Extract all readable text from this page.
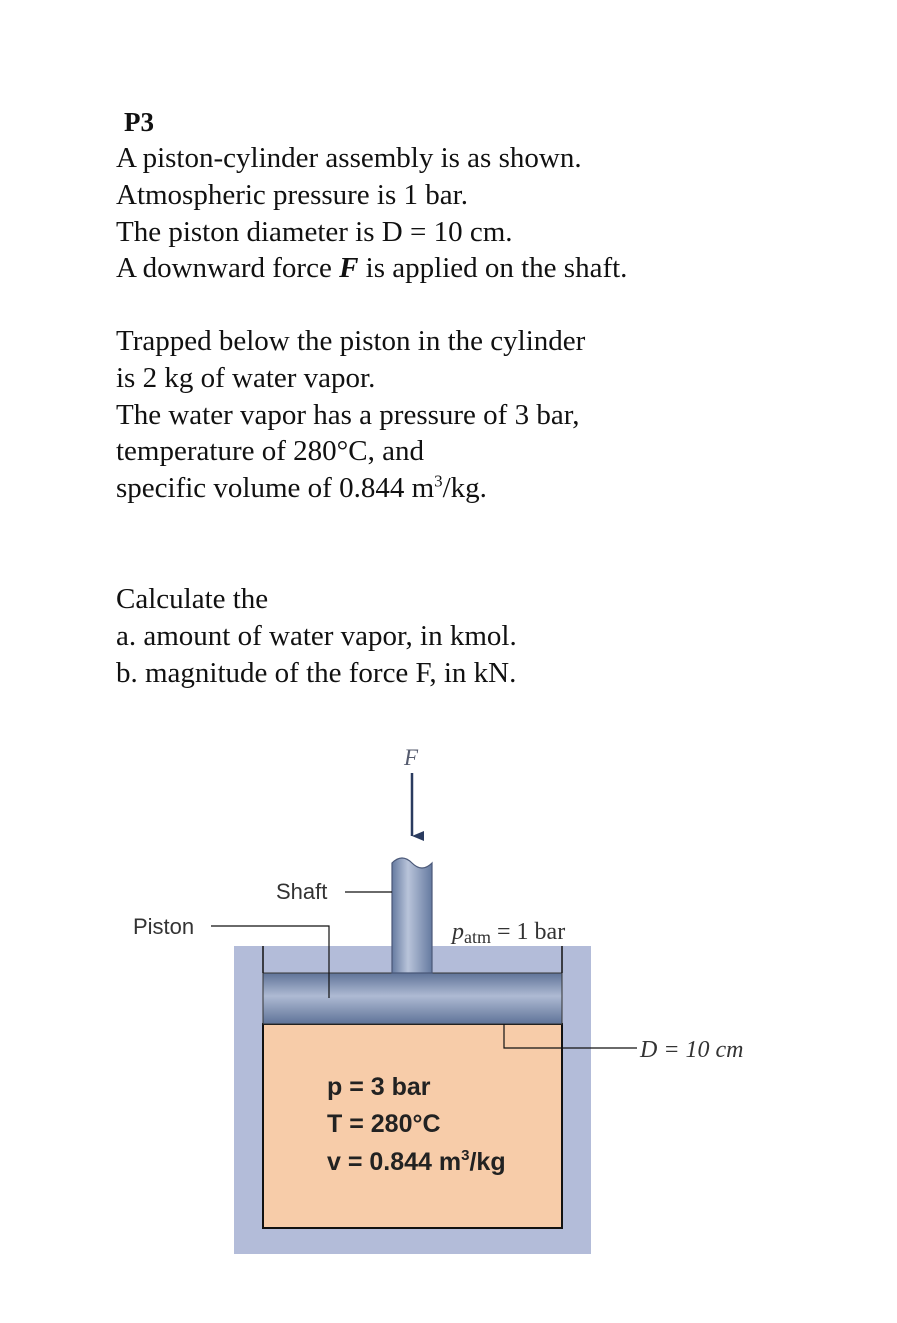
P3

A piston-cylinder assembly is as shown.
Atmospheric pressure is 1 bar.
The piston diameter is D = 10 cm.
A downward force F is applied on the shaft.

Trapped below the piston in the cylinder
is 2 kg of water vapor.
The water vapor has a pressure of 3 bar,
temperature of 280°C, and
specific volume of 0.844 $m^3/kg$.

Calculate the
a. amount of water vapor, in kmol.
b. magnitude of the force F, in kN.

F
Shaft
Piston	patm = 1 bar
D = 10 cm
p = 3 bar
T = 280°C
v = 0.844 $m^3/kg$
